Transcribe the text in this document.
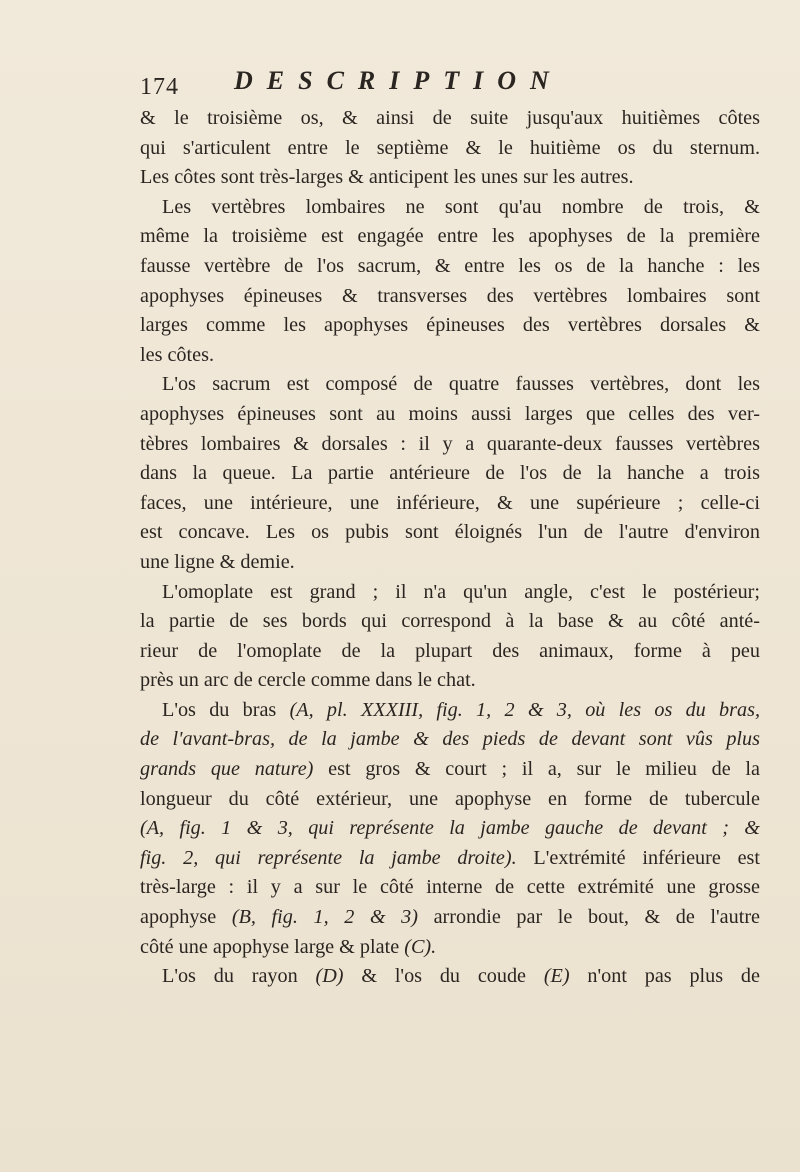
174 DESCRIPTION
& le troisième os, & ainsi de suite jusqu'aux huitièmes côtes
qui s'articulent entre le septième & le huitième os du sternum.
Les côtes sont très-larges & anticipent les unes sur les autres.
Les vertèbres lombaires ne sont qu'au nombre de trois, &
même la troisième est engagée entre les apophyses de la première
fausse vertèbre de l'os sacrum, & entre les os de la hanche : les
apophyses épineuses & transverses des vertèbres lombaires sont
larges comme les apophyses épineuses des vertèbres dorsales &
les côtes.
L'os sacrum est composé de quatre fausses vertèbres, dont les
apophyses épineuses sont au moins aussi larges que celles des ver-
tèbres lombaires & dorsales : il y a quarante-deux fausses vertèbres
dans la queue. La partie antérieure de l'os de la hanche a trois
faces, une intérieure, une inférieure, & une supérieure ; celle-ci
est concave. Les os pubis sont éloignés l'un de l'autre d'environ
une ligne & demie.
L'omoplate est grand ; il n'a qu'un angle, c'est le postérieur;
la partie de ses bords qui correspond à la base & au côté anté-
rieur de l'omoplate de la plupart des animaux, forme à peu
près un arc de cercle comme dans le chat.
L'os du bras (A, pl. XXXIII, fig. 1, 2 & 3, où les os du bras,
de l'avant-bras, de la jambe & des pieds de devant sont vûs plus
grands que nature) est gros & court ; il a, sur le milieu de la
longueur du côté extérieur, une apophyse en forme de tubercule
(A, fig. 1 & 3, qui représente la jambe gauche de devant ; &
fig. 2, qui représente la jambe droite). L'extrémité inférieure est
très-large : il y a sur le côté interne de cette extrémité une grosse
apophyse (B, fig. 1, 2 & 3) arrondie par le bout, & de l'autre
côté une apophyse large & plate (C).
L'os du rayon (D) & l'os du coude (E) n'ont pas plus de
